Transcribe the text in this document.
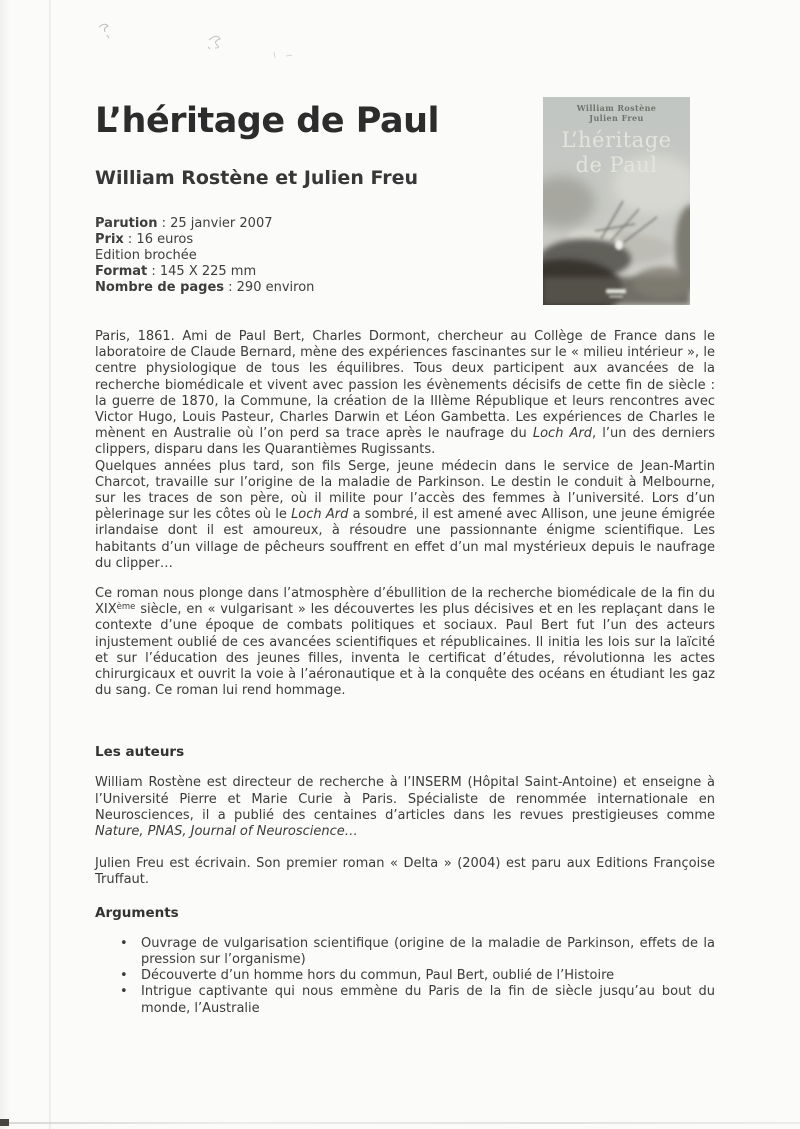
L’héritage de Paul
William Rostène et Julien Freu
Parution : 25 janvier 2007
Prix : 16 euros
Edition brochée
Format : 145 X 225 mm
Nombre de pages : 290 environ

Paris, 1861. Ami de Paul Bert, Charles Dormont, chercheur au Collège de France dans le laboratoire de Claude Bernard, mène des expériences fascinantes sur le « milieu intérieur », le centre physiologique de tous les équilibres. Tous deux participent aux avancées de la recherche biomédicale et vivent avec passion les évènements décisifs de cette fin de siècle : la guerre de 1870, la Commune, la création de la IIIème République et leurs rencontres avec Victor Hugo, Louis Pasteur, Charles Darwin et Léon Gambetta. Les expériences de Charles le mènent en Australie où l’on perd sa trace après le naufrage du Loch Ard, l’un des derniers clippers, disparu dans les Quarantièmes Rugissants.

Quelques années plus tard, son fils Serge, jeune médecin dans le service de Jean-Martin Charcot, travaille sur l’origine de la maladie de Parkinson. Le destin le conduit à Melbourne, sur les traces de son père, où il milite pour l’accès des femmes à l’université. Lors d’un pèlerinage sur les côtes où le Loch Ard a sombré, il est amené avec Allison, une jeune émigrée irlandaise dont il est amoureux, à résoudre une passionnante énigme scientifique. Les habitants d’un village de pêcheurs souffrent en effet d’un mal mystérieux depuis le naufrage du clipper…

Ce roman nous plonge dans l’atmosphère d’ébullition de la recherche biomédicale de la fin du XIXème siècle, en « vulgarisant » les découvertes les plus décisives et en les replaçant dans le contexte d’une époque de combats politiques et sociaux. Paul Bert fut l’un des acteurs injustement oublié de ces avancées scientifiques et républicaines. Il initia les lois sur la laïcité et sur l’éducation des jeunes filles, inventa le certificat d’études, révolutionna les actes chirurgicaux et ouvrit la voie à l’aéronautique et à la conquête des océans en étudiant les gaz du sang. Ce roman lui rend hommage.

Les auteurs

William Rostène est directeur de recherche à l’INSERM (Hôpital Saint-Antoine) et enseigne à l’Université Pierre et Marie Curie à Paris. Spécialiste de renommée internationale en Neurosciences, il a publié des centaines d’articles dans les revues prestigieuses comme Nature, PNAS, Journal of Neuroscience…

Julien Freu est écrivain. Son premier roman « Delta » (2004) est paru aux Editions Françoise Truffaut.

Arguments
•	Ouvrage de vulgarisation scientifique (origine de la maladie de Parkinson, effets de la pression sur l’organisme)
•	Découverte d’un homme hors du commun, Paul Bert, oublié de l’Histoire
•	Intrigue captivante qui nous emmène du Paris de la fin de siècle jusqu’au bout du monde, l’Australie
William Rostène
Julien Freu
L’héritage
de Paul
